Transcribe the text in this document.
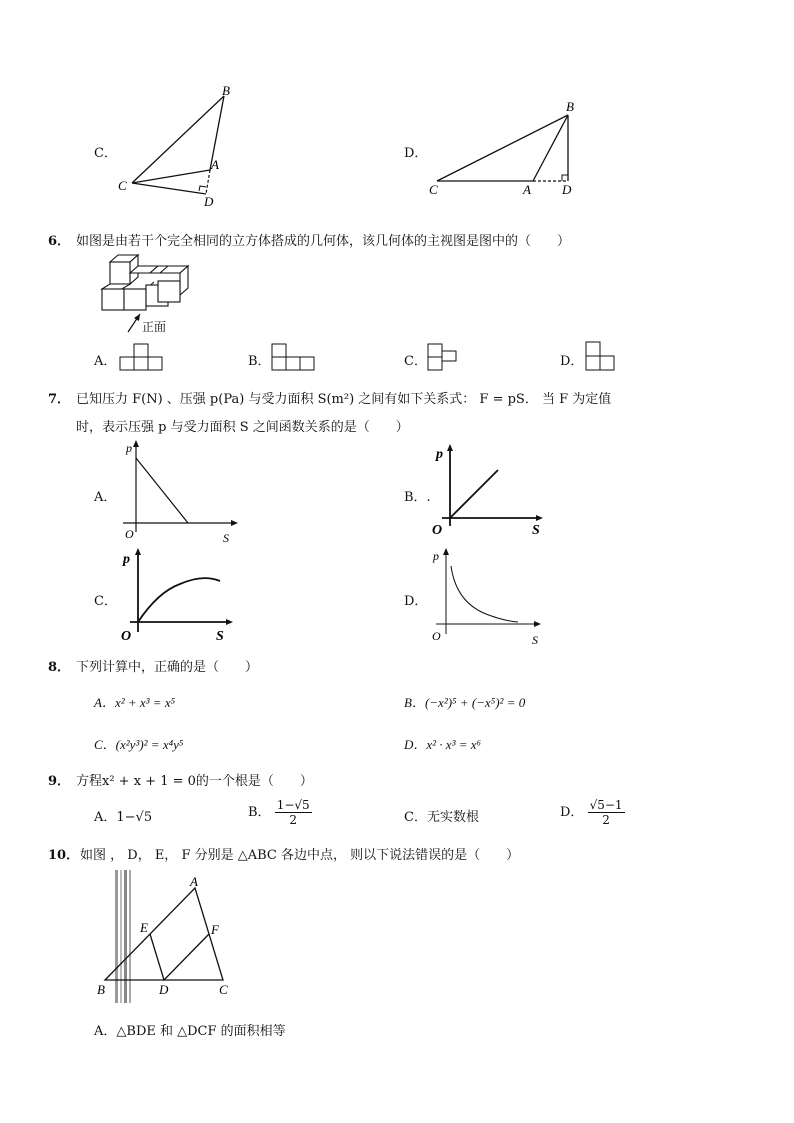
C．
B
A
C
D
D．
B
A
C	D
6． 如图是由若干个完全相同的立方体搭成的几何体，该几何体的主视图是图中的（　　）
正面
A．	B．	C．	D．
7． 已知压力 F(N) 、压强 p(Pa) 与受力面积 S(m²) 之间有如下关系式： F = pS． 当 F 为定值
时，表示压强 p 与受力面积 S 之间函数关系的是（　　）
A．
p
S
O
B．.
p
S
O
C．
p
S
O
D．
p
S
O
8． 下列计算中，正确的是（　　）
A．x² + x³ = x⁵	B．(−x²)⁵ + (−x⁵)² = 0
C．(x²y³)² = x⁴y⁵	D．x² · x³ = x⁶
9． 方程x² + x + 1 = 0的一个根是（　　）
A．1−√5	B． $\frac{1-√5}{2}$	C．无实数根	D． $\frac{√5-1}{2}$
10． 如图 ， D， E， F 分别是 △ABC 各边中点， 则以下说法错误的是（　　）
A
B	C
D
E	F
A．△BDE 和 △DCF 的面积相等
